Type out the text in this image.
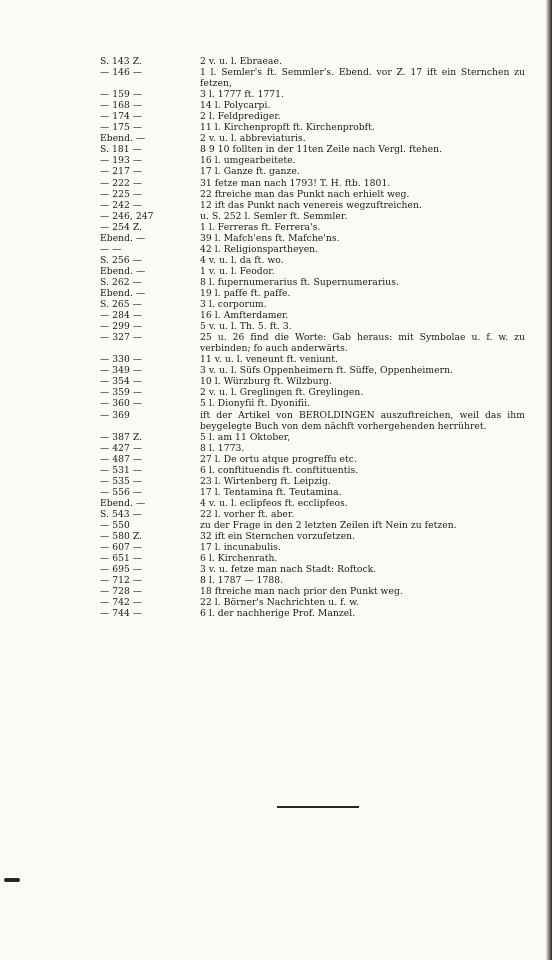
S. 143 Z.	2 v. u. l. Ebraeae.
— 146 —	1 l. Semler's ft. Semmler's. Ebend. vor Z. 17 ift ein Sternchen zu fetzen,
— 159 —	3 l. 1777 ft. 1771.
— 168 —	14 l. Polycarpi.
— 174 —	2 l. Feldprediger.
— 175 —	11 l. Kirchenpropft ft. Kirchenprobft.
Ebend. —	2 v. u. l. abbreviaturis.
S. 181 —	8 9 10 follten in der 11ten Zeile nach Vergl. ftehen.
— 193 —	16 l. umgearbeitete.
— 217 —	17 l. Ganze ft. ganze.
— 222 —	31 fetze man nach 1793! T. H. ftb. 1801.
— 225 —	22 ftreiche man das Punkt nach erhielt weg.
— 242 —	12 ift das Punkt nach venereis wegzuftreichen.
— 246, 247	u. S. 252 l. Semler ft. Semmler.
— 254 Z.	1 l. Ferreras ft. Ferrera's.
Ebend. —	39 l. Mafch'ens ft. Mafche'ns.
— —	42 l. Religionspartheyen.
S. 256 —	4 v. u. l. da ft. wo.
Ebend. —	1 v. u. l. Feodor.
S. 262 —	8 l. fupernumerarius ft. Supernumerarius.
Ebend. —	19 l. paffe ft. paffe.
S. 265 —	3 l. corporum.
— 284 —	16 l. Amfterdamer.
— 299 —	5 v. u. l. Th. 5. ft. 3.
— 327 —	25 u. 26 find die Worte: Gab heraus: mit Symbolae u. f. w. zu verbinden; fo auch anderwärts.
— 330 —	11 v. u. l. veneunt ft. veniunt.
— 349 —	3 v. u. l. Süfs Oppenheimern ft. Süffe, Oppenheimern.
— 354 —	10 l. Würzburg ft. Wilzburg.
— 359 —	2 v. u. l. Greglingen ft. Greylingen.
— 360 —	5 l. Dionyfii ft. Dyonifii.
— 369	ift der Artikel von BEROLDINGEN auszuftreichen, weil das ihm beygelegte Buch von dem nächft vorhergehenden herrühret.
— 387 Z.	5 l. am 11 Oktober,
— 427 —	8 l. 1773.
— 487 —	27 l. De ortu atque progreffu etc.
— 531 —	6 l. conftituendis ft. conftituentis.
— 535 —	23 l. Wirtenberg ft. Leipzig.
— 556 —	17 l. Tentamina ft. Teutamina.
Ebend. —	4 v. u. l. eclipfeos ft. ecclipfeos.
S. 543 —	22 l. vorher ft. aber.
— 550	zu der Frage in den 2 letzten Zeilen ift Nein zu fetzen.
— 580 Z.	32 ift ein Sternchen vorzufetzen.
— 607 —	17 l. incunabulis.
— 651 —	6 l. Kirchenrath.
— 695 —	3 v. u. fetze man nach Stadt: Roftock.
— 712 —	8 l. 1787 — 1788.
— 728 —	18 ftreiche man nach prior den Punkt weg.
— 742 —	22 l. Börner's Nachrichten u. f. w.
— 744 —	6 l. der nachherige Prof. Manzel.
